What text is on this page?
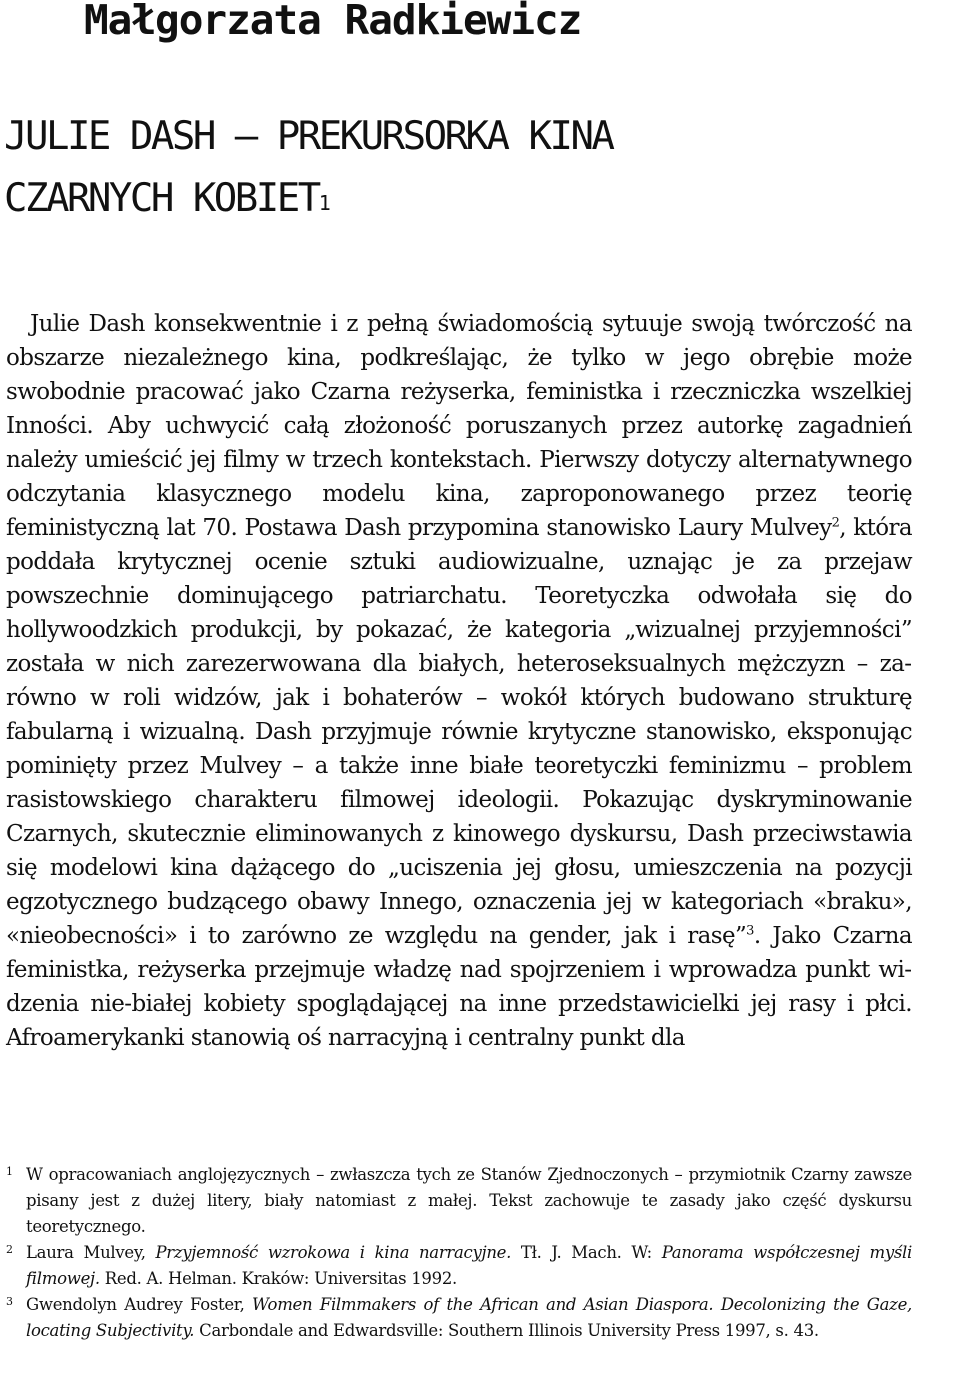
Małgorzata Radkiewicz
JULIE DASH – PREKURSORKA KINA
CZARNYCH KOBIET$^1$

Julie Dash konsekwentnie i z pełną świadomością sytuuje swoją twórczość na obszarze niezależnego kina, podkreślając, że tylko w jego obrębie może swobodnie pracować jako Czarna reżyserka, feministka i rzeczniczka wszelkiej Inności. Aby uchwycić całą złożoność poruszanych przez autorkę zagadnień należy umieścić jej filmy w trzech kontekstach. Pierwszy dotyczy alternatywnego odczytania klasycznego modelu kina, zaproponowanego przez teorię feministyczną lat 70. Postawa Dash przypomina stanowisko Laury Mulvey$^2$, która poddała krytycznej ocenie sztuki audiowizualne, uznając je za przejaw powszechnie dominującego patriarchatu. Teoretyczka odwołała się do hollywoodzkich produkcji, by pokazać, że kategoria „wizualnej przyjemności” została w nich zarezerwowana dla białych, heteroseksualnych mężczyzn – zarówno w roli widzów, jak i bohaterów – wokół których budowano strukturę fabularną i wizualną. Dash przyjmuje równie krytyczne stanowisko, eksponując pominięty przez Mulvey – a także inne białe teoretyczki feminizmu – problem rasistowskiego charakteru filmowej ideologii. Pokazując dyskryminowanie Czarnych, skutecznie eliminowanych z kinowego dyskursu, Dash przeciwstawia się modelowi kina dążącego do „uciszenia jej głosu, umieszczenia na pozycji egzotycznego budzącego obawy Innego, oznaczenia jej w kategoriach «braku», «nieobecności» i to zarówno ze względu na gender, jak i rasę”$^3$. Jako Czarna feministka, reżyserka przejmuje władzę nad spojrzeniem i wprowadza punkt widzenia nie-białej kobiety spoglądającej na inne przedstawicielki jej rasy i płci. Afroamerykanki stanowią oś narracyjną i centralny punkt dla

1 W opracowaniach anglojęzycznych – zwłaszcza tych ze Stanów Zjednoczonych – przymiotnik Czarny zawsze pisany jest z dużej litery, biały natomiast z małej. Tekst zachowuje te zasady jako część dyskursu teoretycznego.
2 Laura Mulvey, Przyjemność wzrokowa i kina narracyjne. Tł. J. Mach. W: Panorama współczesnej myśli filmowej. Red. A. Helman. Kraków: Universitas 1992.
3 Gwendolyn Audrey Foster, Women Filmmakers of the African and Asian Diaspora. Decolonizing the Gaze, locating Subjectivity. Carbondale and Edwardsville: Southern Illinois University Press 1997, s. 43.
